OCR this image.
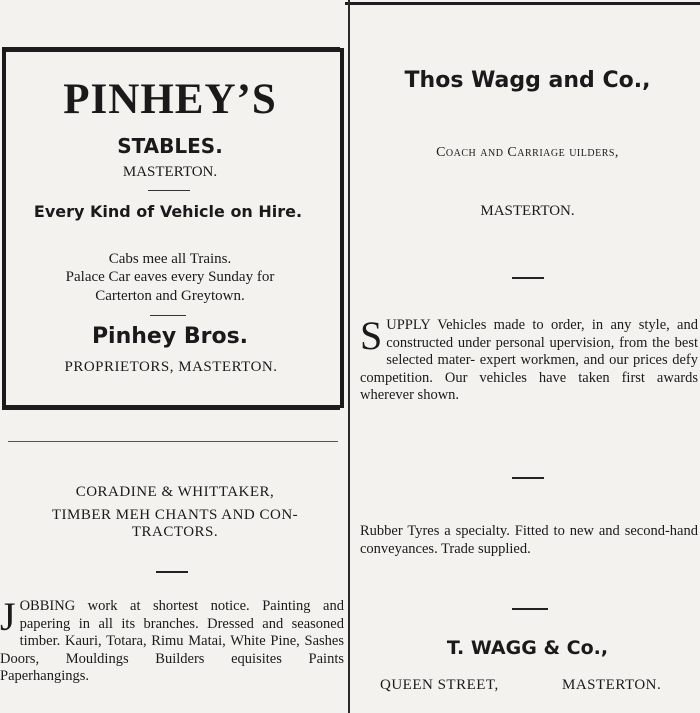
PINHEY’S
STABLES.
MASTERTON.
Every Kind of Vehicle on Hire.
Cabs mee all Trains.
Palace Car eaves every Sunday for
Carterton and Greytown.
Pinhey Bros.
PROPRIETORS, MASTERTON.
CORADINE & WHITTAKER,
TIMBER MEH CHANTS AND CON-
TRACTORS.
J OBBING work at shortest notice. Painting and papering in all its branches. Dressed and seasoned timber. Kauri, Totara, Rimu Matai, White Pine, Sashes Doors, Mouldings Builders equisites Paints Paperhangings.
Thos Wagg and Co.,
Coach and Carriage uilders,
MASTERTON.
S UPPLY Vehicles made to order, in any style, and constructed under personal upervision, from the best selected mater- expert workmen, and our prices defy competition. Our vehicles have taken first awards wherever shown.
Rubber Tyres a specialty. Fitted to new and second-hand conveyances. Trade supplied.
T. WAGG & Co.,
QUEEN STREET,	MASTERTON.
